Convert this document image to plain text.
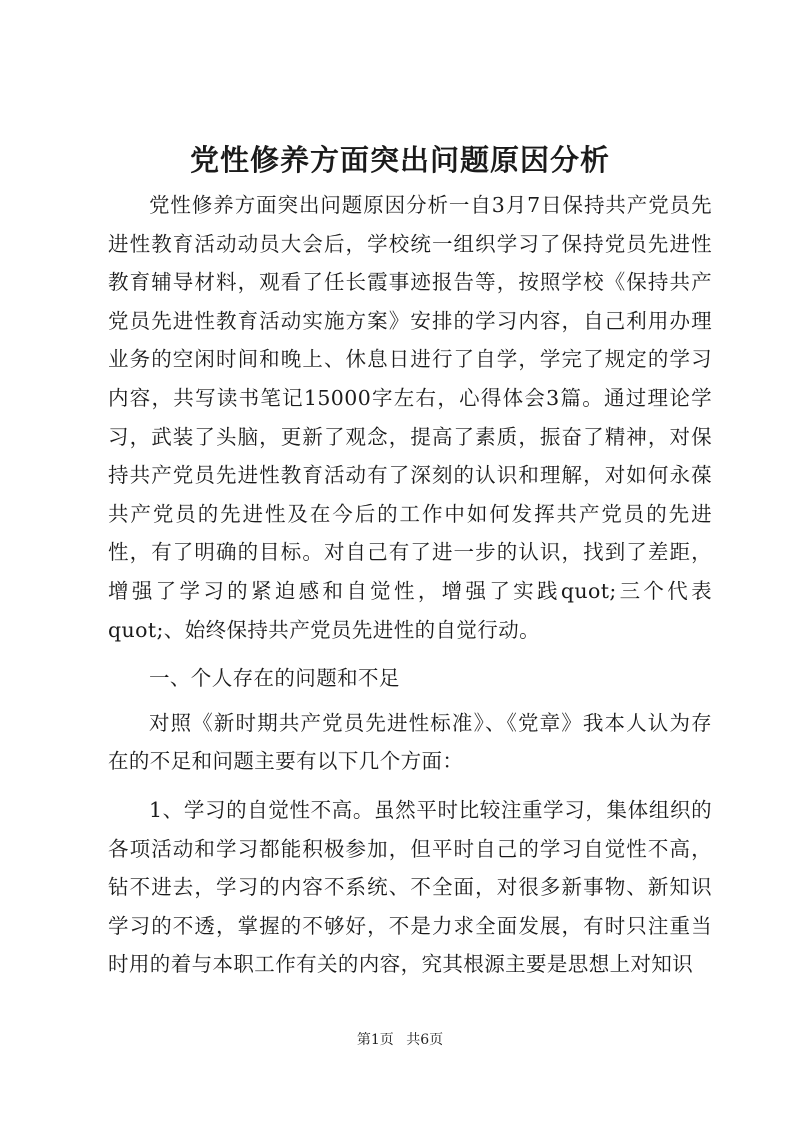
党性修养方面突出问题原因分析

党性修养方面突出问题原因分析一自3月7日保持共产党员先进性教育活动动员大会后，学校统一组织学习了保持党员先进性教育辅导材料，观看了任长霞事迹报告等，按照学校《保持共产党员先进性教育活动实施方案》安排的学习内容，自己利用办理业务的空闲时间和晚上、休息日进行了自学，学完了规定的学习内容，共写读书笔记15000字左右，心得体会3篇。通过理论学习，武装了头脑，更新了观念，提高了素质，振奋了精神，对保持共产党员先进性教育活动有了深刻的认识和理解，对如何永葆共产党员的先进性及在今后的工作中如何发挥共产党员的先进性，有了明确的目标。对自己有了进一步的认识，找到了差距，增强了学习的紧迫感和自觉性，增强了实践quot;三个代表quot;、始终保持共产党员先进性的自觉行动。

一、个人存在的问题和不足

对照《新时期共产党员先进性标准》、《党章》我本人认为存在的不足和问题主要有以下几个方面：

1、学习的自觉性不高。虽然平时比较注重学习，集体组织的各项活动和学习都能积极参加，但平时自己的学习自觉性不高，钻不进去，学习的内容不系统、不全面，对很多新事物、新知识学习的不透，掌握的不够好，不是力求全面发展，有时只注重当时用的着与本职工作有关的内容，究其根源主要是思想上对知识

第1页 共6页
